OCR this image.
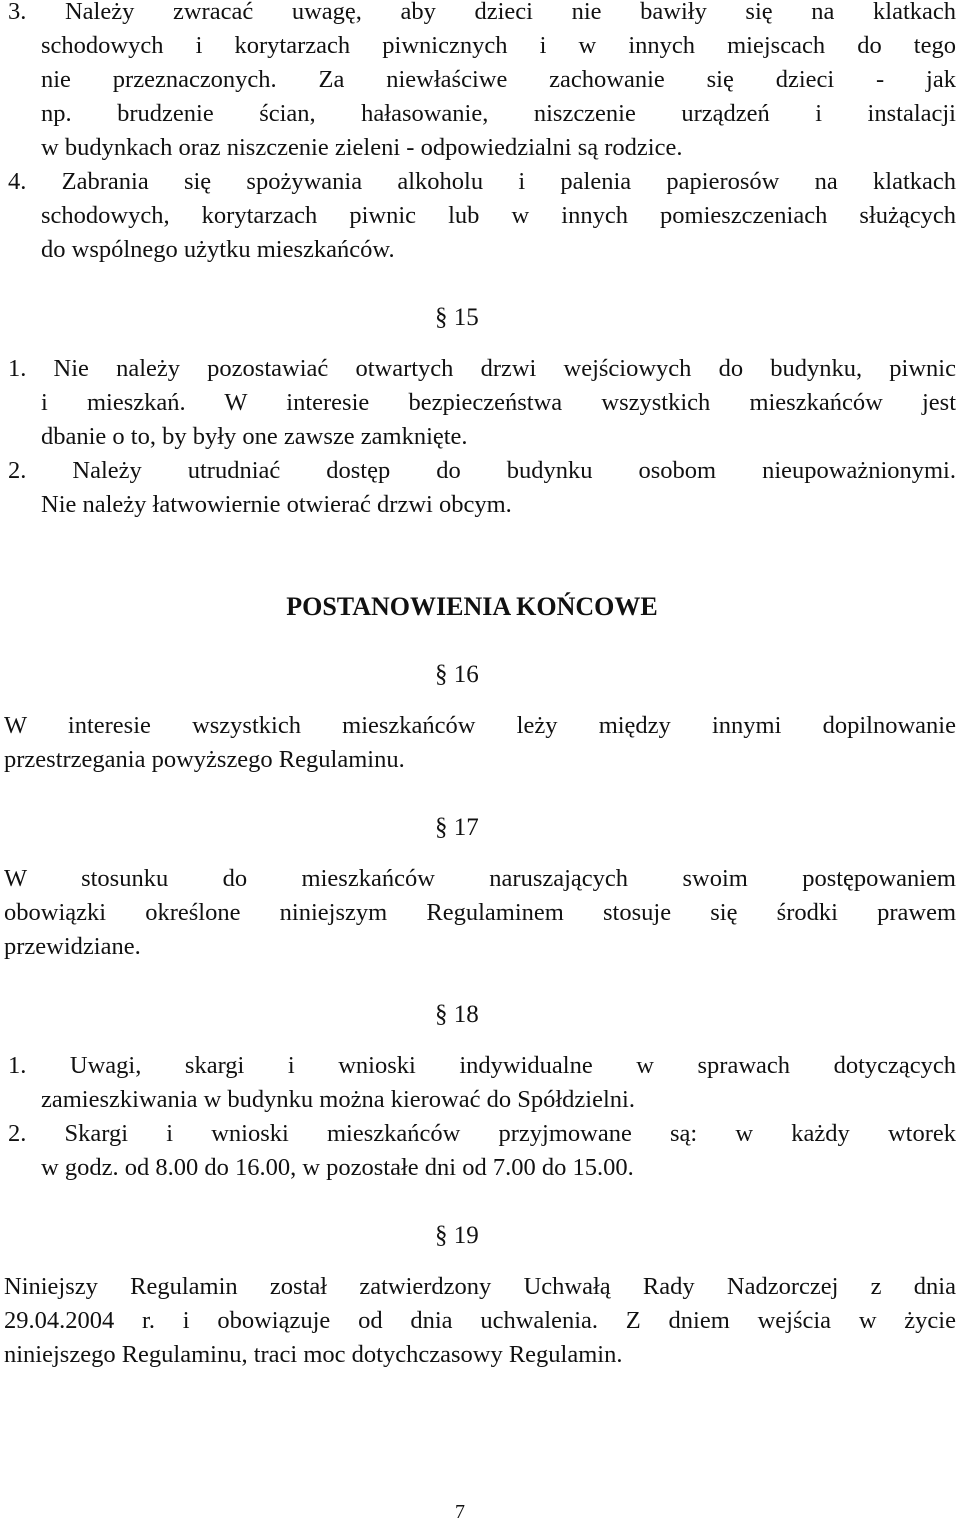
3. Należy zwracać uwagę, aby dzieci nie bawiły się na klatkach

schodowych i korytarzach piwnicznych i w innych miejscach do tego

nie przeznaczonych. Za niewłaściwe zachowanie się dzieci - jak

np. brudzenie ścian, hałasowanie, niszczenie urządzeń i instalacji

w budynkach oraz niszczenie zieleni - odpowiedzialni są rodzice.

4. Zabrania się spożywania alkoholu i palenia papierosów na klatkach

schodowych, korytarzach piwnic lub w innych pomieszczeniach służących

do wspólnego użytku mieszkańców.

§ 15

1. Nie należy pozostawiać otwartych drzwi wejściowych do budynku, piwnic

i mieszkań. W interesie bezpieczeństwa wszystkich mieszkańców jest

dbanie o to, by były one zawsze zamknięte.

2. Należy utrudniać dostęp do budynku osobom nieupoważnionymi.

Nie należy łatwowiernie otwierać drzwi obcym.

POSTANOWIENIA KOŃCOWE
§ 16

W interesie wszystkich mieszkańców leży między innymi dopilnowanie

przestrzegania powyższego Regulaminu.

§ 17

W stosunku do mieszkańców naruszających swoim postępowaniem

obowiązki określone niniejszym Regulaminem stosuje się środki prawem

przewidziane.

§ 18

1. Uwagi, skargi i wnioski indywidualne w sprawach dotyczących

zamieszkiwania w budynku można kierować do Spółdzielni.

2. Skargi i wnioski mieszkańców przyjmowane są: w każdy wtorek

w godz. od 8.00 do 16.00, w pozostałe dni od 7.00 do 15.00.

§ 19

Niniejszy Regulamin został zatwierdzony Uchwałą Rady Nadzorczej z dnia

29.04.2004 r. i obowiązuje od dnia uchwalenia. Z dniem wejścia w życie

niniejszego Regulaminu, traci moc dotychczasowy Regulamin.

7
